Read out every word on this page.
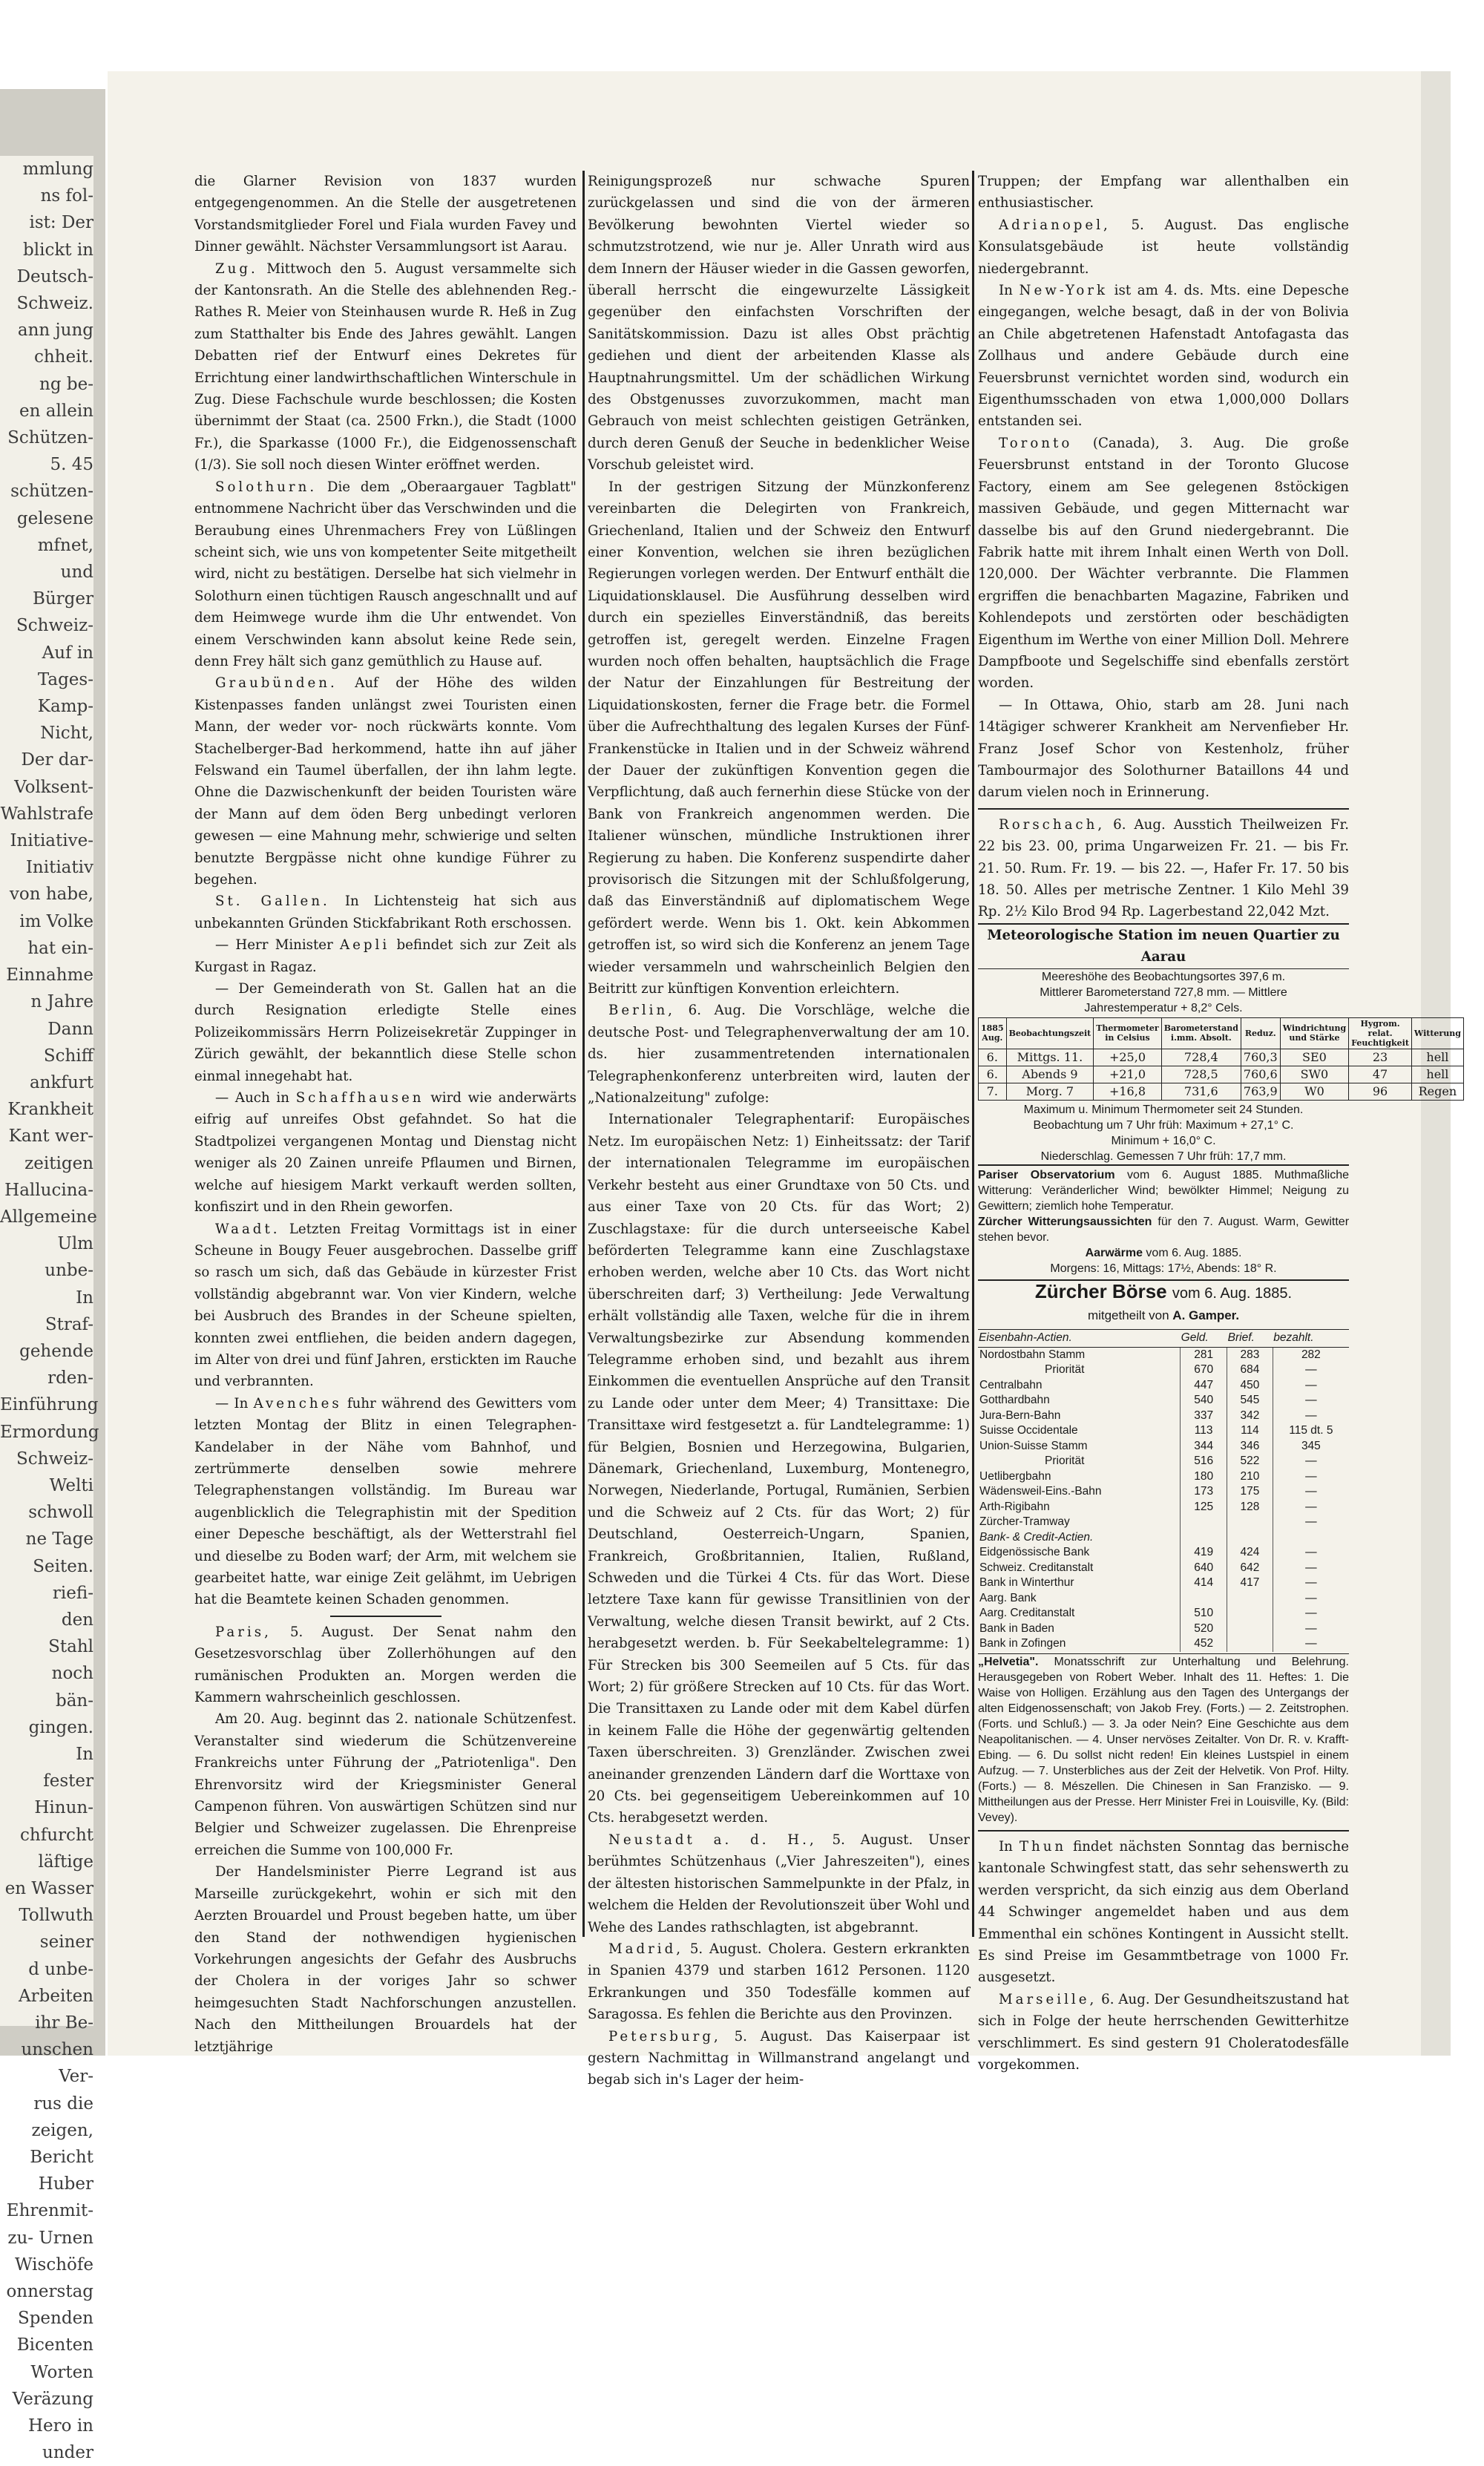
mmlung
ns fol-
ist: Der
blickt in
Deutsch-
Schweiz.
ann jung
chheit.
ng be-
en allein
Schützen-
5. 45
schützen-
gelesene
mfnet,
und
Bürger
Schweiz-
Auf in
Tages-
Kamp-
Nicht,
Der dar-
Volksent-
Wahlstrafe
Initiative-
Initiativ
von habe,
im Volke
hat ein-
Einnahme
n Jahre
Dann
Schiff
ankfurt
Krankheit
Kant wer-
zeitigen
Hallucina-
Allgemeine
Ulm
unbe-
In
Straf-
gehende
rden-
Einführung
Ermordung
Schweiz-
Welti
schwoll
ne Tage
Seiten.
riefi-
den
Stahl
noch
bän-
gingen.
In
fester
Hinun-
chfurcht
läftige
en Wasser
Tollwuth
seiner
d unbe-
Arbeiten
ihr Be-
unschen
Ver-
rus die
zeigen,
Bericht
Huber
Ehrenmit-
zu- Urnen
Wischöfe
onnerstag
Spenden
Bicenten
Worten
Veräzung
Hero in
under

die Glarner Revision von 1837 wurden entgegengenommen. An die Stelle der ausgetretenen Vorstandsmitglieder Forel und Fiala wurden Favey und Dinner gewählt. Nächster Versammlungsort ist Aarau.

Zug. Mittwoch den 5. August versammelte sich der Kantonsrath. An die Stelle des ablehnenden Reg.-Rathes R. Meier von Steinhausen wurde R. Heß in Zug zum Statthalter bis Ende des Jahres gewählt. Langen Debatten rief der Entwurf eines Dekretes für Errichtung einer landwirthschaftlichen Winterschule in Zug. Diese Fachschule wurde beschlossen; die Kosten übernimmt der Staat (ca. 2500 Frkn.), die Stadt (1000 Fr.), die Sparkasse (1000 Fr.), die Eidgenossenschaft (1/3). Sie soll noch diesen Winter eröffnet werden.

Solothurn. Die dem „Oberaargauer Tagblatt" entnommene Nachricht über das Verschwinden und die Beraubung eines Uhrenmachers Frey von Lüßlingen scheint sich, wie uns von kompetenter Seite mitgetheilt wird, nicht zu bestätigen. Derselbe hat sich vielmehr in Solothurn einen tüchtigen Rausch angeschnallt und auf dem Heimwege wurde ihm die Uhr entwendet. Von einem Verschwinden kann absolut keine Rede sein, denn Frey hält sich ganz gemüthlich zu Hause auf.

Graubünden. Auf der Höhe des wilden Kistenpasses fanden unlängst zwei Touristen einen Mann, der weder vor- noch rückwärts konnte. Vom Stachelberger-Bad herkommend, hatte ihn auf jäher Felswand ein Taumel überfallen, der ihn lahm legte. Ohne die Dazwischenkunft der beiden Touristen wäre der Mann auf dem öden Berg unbedingt verloren gewesen — eine Mahnung mehr, schwierige und selten benutzte Bergpässe nicht ohne kundige Führer zu begehen.

St. Gallen. In Lichtensteig hat sich aus unbekannten Gründen Stickfabrikant Roth erschossen.

— Herr Minister Aepli befindet sich zur Zeit als Kurgast in Ragaz.

— Der Gemeinderath von St. Gallen hat an die durch Resignation erledigte Stelle eines Polizeikommissärs Herrn Polizeisekretär Zuppinger in Zürich gewählt, der bekanntlich diese Stelle schon einmal innegehabt hat.

— Auch in Schaffhausen wird wie anderwärts eifrig auf unreifes Obst gefahndet. So hat die Stadtpolizei vergangenen Montag und Dienstag nicht weniger als 20 Zainen unreife Pflaumen und Birnen, welche auf hiesigem Markt verkauft werden sollten, konfiszirt und in den Rhein geworfen.

Waadt. Letzten Freitag Vormittags ist in einer Scheune in Bougy Feuer ausgebrochen. Dasselbe griff so rasch um sich, daß das Gebäude in kürzester Frist vollständig abgebrannt war. Von vier Kindern, welche bei Ausbruch des Brandes in der Scheune spielten, konnten zwei entfliehen, die beiden andern dagegen, im Alter von drei und fünf Jahren, erstickten im Rauche und verbrannten.

— In Avenches fuhr während des Gewitters vom letzten Montag der Blitz in einen Telegraphen-Kandelaber in der Nähe vom Bahnhof, und zertrümmerte denselben sowie mehrere Telegraphenstangen vollständig. Im Bureau war augenblicklich die Telegraphistin mit der Spedition einer Depesche beschäftigt, als der Wetterstrahl fiel und dieselbe zu Boden warf; der Arm, mit welchem sie gearbeitet hatte, war einige Zeit gelähmt, im Uebrigen hat die Beamtete keinen Schaden genommen.

Paris, 5. August. Der Senat nahm den Gesetzesvorschlag über Zollerhöhungen auf den rumänischen Produkten an. Morgen werden die Kammern wahrscheinlich geschlossen.

Am 20. Aug. beginnt das 2. nationale Schützenfest. Veranstalter sind wiederum die Schützenvereine Frankreichs unter Führung der „Patriotenliga". Den Ehrenvorsitz wird der Kriegsminister General Campenon führen. Von auswärtigen Schützen sind nur Belgier und Schweizer zugelassen. Die Ehrenpreise erreichen die Summe von 100,000 Fr.

Der Handelsminister Pierre Legrand ist aus Marseille zurückgekehrt, wohin er sich mit den Aerzten Brouardel und Proust begeben hatte, um über den Stand der nothwendigen hygienischen Vorkehrungen angesichts der Gefahr des Ausbruchs der Cholera in der voriges Jahr so schwer heimgesuchten Stadt Nachforschungen anzustellen. Nach den Mittheilungen Brouardels hat der letztjährige

Reinigungsprozeß nur schwache Spuren zurückgelassen und sind die von der ärmeren Bevölkerung bewohnten Viertel wieder so schmutzstrotzend, wie nur je. Aller Unrath wird aus dem Innern der Häuser wieder in die Gassen geworfen, überall herrscht die eingewurzelte Lässigkeit gegenüber den einfachsten Vorschriften der Sanitätskommission. Dazu ist alles Obst prächtig gediehen und dient der arbeitenden Klasse als Hauptnahrungsmittel. Um der schädlichen Wirkung des Obstgenusses zuvorzukommen, macht man Gebrauch von meist schlechten geistigen Getränken, durch deren Genuß der Seuche in bedenklicher Weise Vorschub geleistet wird.

In der gestrigen Sitzung der Münzkonferenz vereinbarten die Delegirten von Frankreich, Griechenland, Italien und der Schweiz den Entwurf einer Konvention, welchen sie ihren bezüglichen Regierungen vorlegen werden. Der Entwurf enthält die Liquidationsklausel. Die Ausführung desselben wird durch ein spezielles Einverständniß, das bereits getroffen ist, geregelt werden. Einzelne Fragen wurden noch offen behalten, hauptsächlich die Frage der Natur der Einzahlungen für Bestreitung der Liquidationskosten, ferner die Frage betr. die Formel über die Aufrechthaltung des legalen Kurses der Fünf-Frankenstücke in Italien und in der Schweiz während der Dauer der zukünftigen Konvention gegen die Verpflichtung, daß auch fernerhin diese Stücke von der Bank von Frankreich angenommen werden. Die Italiener wünschen, mündliche Instruktionen ihrer Regierung zu haben. Die Konferenz suspendirte daher provisorisch die Sitzungen mit der Schlußfolgerung, daß das Einverständniß auf diplomatischem Wege gefördert werde. Wenn bis 1. Okt. kein Abkommen getroffen ist, so wird sich die Konferenz an jenem Tage wieder versammeln und wahrscheinlich Belgien den Beitritt zur künftigen Konvention erleichtern.

Berlin, 6. Aug. Die Vorschläge, welche die deutsche Post- und Telegraphenverwaltung der am 10. ds. hier zusammentretenden internationalen Telegraphenkonferenz unterbreiten wird, lauten der „Nationalzeitung" zufolge:

Internationaler Telegraphentarif: Europäisches Netz. Im europäischen Netz: 1) Einheitssatz: der Tarif der internationalen Telegramme im europäischen Verkehr besteht aus einer Grundtaxe von 50 Cts. und aus einer Taxe von 20 Cts. für das Wort; 2) Zuschlagstaxe: für die durch unterseeische Kabel beförderten Telegramme kann eine Zuschlagstaxe erhoben werden, welche aber 10 Cts. das Wort nicht überschreiten darf; 3) Vertheilung: Jede Verwaltung erhält vollständig alle Taxen, welche für die in ihrem Verwaltungsbezirke zur Absendung kommenden Telegramme erhoben sind, und bezahlt aus ihrem Einkommen die eventuellen Ansprüche auf den Transit zu Lande oder unter dem Meer; 4) Transittaxe: Die Transittaxe wird festgesetzt a. für Landtelegramme: 1) für Belgien, Bosnien und Herzegowina, Bulgarien, Dänemark, Griechenland, Luxemburg, Montenegro, Norwegen, Niederlande, Portugal, Rumänien, Serbien und die Schweiz auf 2 Cts. für das Wort; 2) für Deutschland, Oesterreich-Ungarn, Spanien, Frankreich, Großbritannien, Italien, Rußland, Schweden und die Türkei 4 Cts. für das Wort. Diese letztere Taxe kann für gewisse Transitlinien von der Verwaltung, welche diesen Transit bewirkt, auf 2 Cts. herabgesetzt werden. b. Für Seekabeltelegramme: 1) Für Strecken bis 300 Seemeilen auf 5 Cts. für das Wort; 2) für größere Strecken auf 10 Cts. für das Wort. Die Transittaxen zu Lande oder mit dem Kabel dürfen in keinem Falle die Höhe der gegenwärtig geltenden Taxen überschreiten. 3) Grenzländer. Zwischen zwei aneinander grenzenden Ländern darf die Worttaxe von 20 Cts. bei gegenseitigem Uebereinkommen auf 10 Cts. herabgesetzt werden.

Neustadt a. d. H., 5. August. Unser berühmtes Schützenhaus („Vier Jahreszeiten"), eines der ältesten historischen Sammelpunkte in der Pfalz, in welchem die Helden der Revolutionszeit über Wohl und Wehe des Landes rathschlagten, ist abgebrannt.

Madrid, 5. August. Cholera. Gestern erkrankten in Spanien 4379 und starben 1612 Personen. 1120 Erkrankungen und 350 Todesfälle kommen auf Saragossa. Es fehlen die Berichte aus den Provinzen.

Petersburg, 5. August. Das Kaiserpaar ist gestern Nachmittag in Willmanstrand angelangt und begab sich in's Lager der heim-

Truppen; der Empfang war allenthalben ein enthusiastischer.

Adrianopel, 5. August. Das englische Konsulatsgebäude ist heute vollständig niedergebrannt.

In New-York ist am 4. ds. Mts. eine Depesche eingegangen, welche besagt, daß in der von Bolivia an Chile abgetretenen Hafenstadt Antofagasta das Zollhaus und andere Gebäude durch eine Feuersbrunst vernichtet worden sind, wodurch ein Eigenthumsschaden von etwa 1,000,000 Dollars entstanden sei.

Toronto (Canada), 3. Aug. Die große Feuersbrunst entstand in der Toronto Glucose Factory, einem am See gelegenen 8stöckigen massiven Gebäude, und gegen Mitternacht war dasselbe bis auf den Grund niedergebrannt. Die Fabrik hatte mit ihrem Inhalt einen Werth von Doll. 120,000. Der Wächter verbrannte. Die Flammen ergriffen die benachbarten Magazine, Fabriken und Kohlendepots und zerstörten oder beschädigten Eigenthum im Werthe von einer Million Doll. Mehrere Dampfboote und Segelschiffe sind ebenfalls zerstört worden.

— In Ottawa, Ohio, starb am 28. Juni nach 14tägiger schwerer Krankheit am Nervenfieber Hr. Franz Josef Schor von Kestenholz, früher Tambourmajor des Solothurner Bataillons 44 und darum vielen noch in Erinnerung.

Rorschach, 6. Aug. Ausstich Theilweizen Fr. 22 bis 23. 00, prima Ungarweizen Fr. 21. — bis Fr. 21. 50. Rum. Fr. 19. — bis 22. —, Hafer Fr. 17. 50 bis 18. 50. Alles per metrische Zentner. 1 Kilo Mehl 39 Rp. 2½ Kilo Brod 94 Rp. Lagerbestand 22,042 Mzt.

Meteorologische Station im neuen Quartier zu Aarau
Meereshöhe des Beobachtungsortes 397,6 m.
Mittlerer Barometerstand 727,8 mm. — Mittlere
Jahrestemperatur + 8,2° Cels.
1885 Aug.	Beobachtungszeit	Thermometer in Celsius	Barometerstand i.mm. Absolt.	Reduz.	Windrichtung und Stärke	Hygrom. relat. Feuchtigkeit	Witterung
6.	Mittgs. 11.	+25,0	728,4	760,3	SE0	23	hell
6.	Abends 9	+21,0	728,5	760,6	SW0	47	hell
7.	Morg. 7	+16,8	731,6	763,9	W0	96	Regen
Maximum u. Minimum Thermometer seit 24 Stunden.
Beobachtung um 7 Uhr früh: Maximum + 27,1° C.
Minimum + 16,0° C.
Niederschlag. Gemessen 7 Uhr früh: 17,7 mm.
Pariser Observatorium vom 6. August 1885. Muthmaßliche Witterung: Veränderlicher Wind; bewölkter Himmel; Neigung zu Gewittern; ziemlich hohe Temperatur.
Zürcher Witterungsaussichten für den 7. August. Warm, Gewitter stehen bevor.
Aarwärme vom 6. Aug. 1885.
Morgens: 16, Mittags: 17½, Abends: 18° R.
Zürcher Börse vom 6. Aug. 1885.
mitgetheilt von A. Gamper.
Eisenbahn-Actien.	Geld.	Brief.	bezahlt.
Nordostbahn Stamm	281	283	282
Priorität	670	684	—
Centralbahn	447	450	—
Gotthardbahn	540	545	—
Jura-Bern-Bahn	337	342	—
Suisse Occidentale	113	114	115 dt. 5
Union-Suisse Stamm	344	346	345
Priorität	516	522	—
Uetlibergbahn	180	210	—
Wädensweil-Eins.-Bahn	173	175	—
Arth-Rigibahn	125	128	—
Zürcher-Tramway			—
Bank- & Credit-Actien.			
Eidgenössische Bank	419	424	—
Schweiz. Creditanstalt	640	642	—
Bank in Winterthur	414	417	—
Aarg. Bank			—
Aarg. Creditanstalt	510		—
Bank in Baden	520		—
Bank in Zofingen	452		—
„Helvetia". Monatsschrift zur Unterhaltung und Belehrung. Herausgegeben von Robert Weber. Inhalt des 11. Heftes: 1. Die Waise von Holligen. Erzählung aus den Tagen des Untergangs der alten Eidgenossenschaft; von Jakob Frey. (Forts.) — 2. Zeitstrophen. (Forts. und Schluß.) — 3. Ja oder Nein? Eine Geschichte aus dem Neapolitanischen. — 4. Unser nervöses Zeitalter. Von Dr. R. v. Krafft-Ebing. — 6. Du sollst nicht reden! Ein kleines Lustspiel in einem Aufzug. — 7. Unsterbliches aus der Zeit der Helvetik. Von Prof. Hilty. (Forts.) — 8. Mészellen. Die Chinesen in San Franzisko. — 9. Mittheilungen aus der Presse. Herr Minister Frei in Louisville, Ky. (Bild: Vevey).

In Thun findet nächsten Sonntag das bernische kantonale Schwingfest statt, das sehr sehenswerth zu werden verspricht, da sich einzig aus dem Oberland 44 Schwinger angemeldet haben und aus dem Emmenthal ein schönes Kontingent in Aussicht stellt. Es sind Preise im Gesammtbetrage von 1000 Fr. ausgesetzt.

Marseille, 6. Aug. Der Gesundheitszustand hat sich in Folge der heute herrschenden Gewitterhitze verschlimmert. Es sind gestern 91 Choleratodesfälle vorgekommen.
